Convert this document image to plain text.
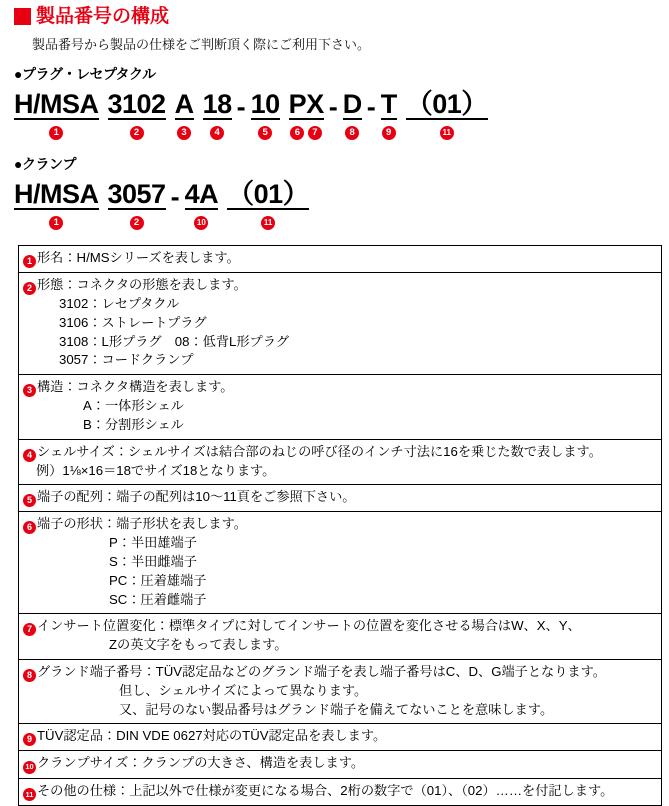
製品番号の構成
製品番号から製品の仕様をご判断頂く際にご利用下さい。
●プラグ・レセプタクル
H/MSA
1
3102
2
A
3
18
4
- 10
5
P
6
X
7
- D
8
- T
9
（01）
11
●クランプ
H/MSA
1
3057
2
- 4A
10
（01）
11
1 形名：H/MSシリーズを表します。
2 形態：コネクタの形態を表します。
3102：レセプタクル
3106：ストレートプラグ
3108：L形プラグ　08：低背L形プラグ
3057：コードクランプ
3 構造：コネクタ構造を表します。
A：一体形シェル
B：分割形シェル
4 シェルサイズ：シェルサイズは結合部のねじの呼び径のインチ寸法に16を乗じた数で表します。
例）1⅛×16＝18でサイズ18となります。
5 端子の配列：端子の配列は10〜11頁をご参照下さい。
6 端子の形状：端子形状を表します。
P：半田雄端子
S：半田雌端子
PC：圧着雄端子
SC：圧着雌端子
7 インサート位置変化：標準タイプに対してインサートの位置を変化させる場合はW、X、Y、
Zの英文字をもって表します。
8 グランド端子番号：TÜV認定品などのグランド端子を表し端子番号はC、D、G端子となります。
但し、シェルサイズによって異なります。
又、記号のない製品番号はグランド端子を備えてないことを意味します。
9 TÜV認定品：DIN VDE 0627対応のTÜV認定品を表します。
10 クランプサイズ：クランプの大きさ、構造を表します。
11 その他の仕様：上記以外で仕様が変更になる場合、2桁の数字で（01）、（02）……を付記します。
